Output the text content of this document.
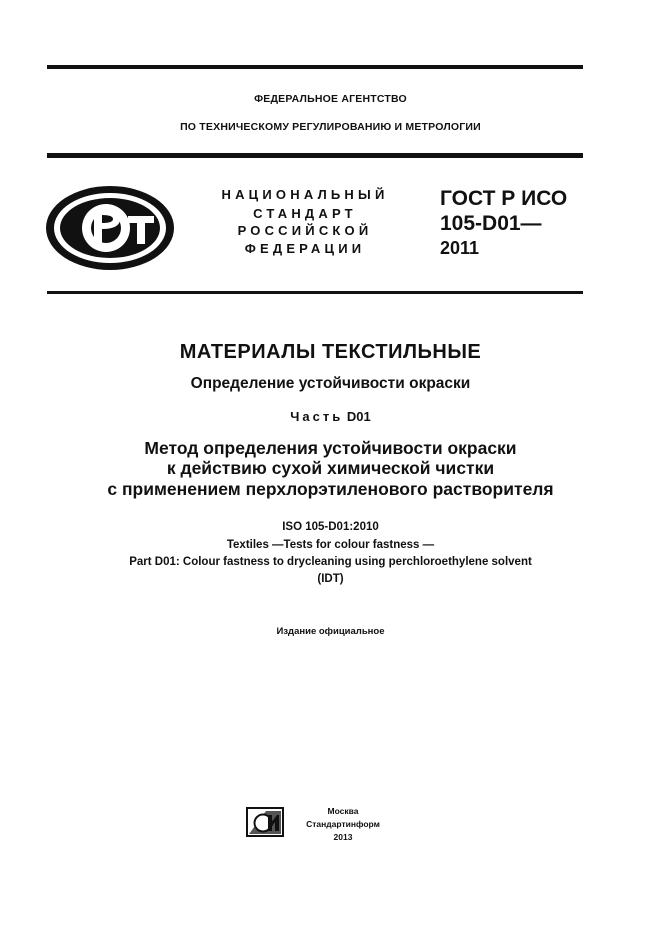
ФЕДЕРАЛЬНОЕ АГЕНТСТВО
ПО ТЕХНИЧЕСКОМУ РЕГУЛИРОВАНИЮ И МЕТРОЛОГИИ
НАЦИОНАЛЬНЫЙ
СТАНДАРТ
РОССИЙСКОЙ
ФЕДЕРАЦИИ
ГОСТ Р ИСО
105-D01—
2011
МАТЕРИАЛЫ ТЕКСТИЛЬНЫЕ
Определение устойчивости окраски
Часть D01
Метод определения устойчивости окраски
к действию сухой химической чистки
с применением перхлорэтиленового растворителя
ISO 105-D01:2010
Textiles —Tests for colour fastness —
Part D01: Colour fastness to drycleaning using perchloroethylene solvent
(IDT)
Издание официальное
Москва
Стандартинформ
2013
